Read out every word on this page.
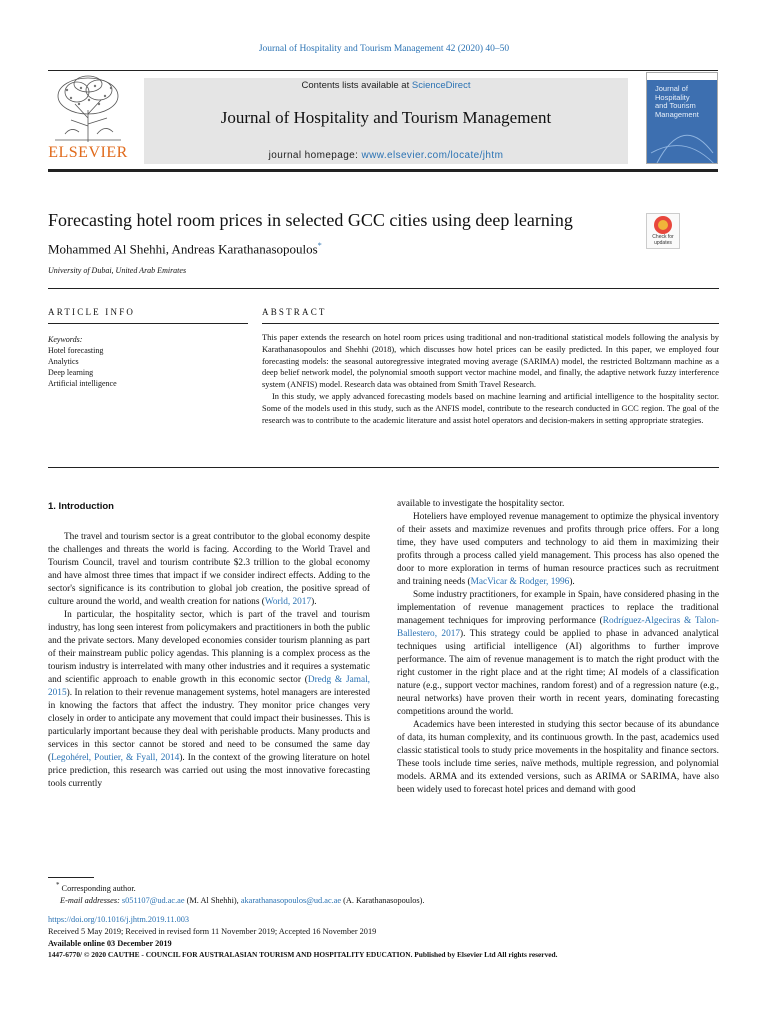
Journal of Hospitality and Tourism Management 42 (2020) 40–50
ELSEVIER
Contents lists available at ScienceDirect
Journal of Hospitality and Tourism Management
journal homepage: www.elsevier.com/locate/jhtm
Journal of
Hospitality
and Tourism
Management
Forecasting hotel room prices in selected GCC cities using deep learning
Mohammed Al Shehhi, Andreas Karathanasopoulos*
University of Dubai, United Arab Emirates
Check for updates
ARTICLE INFO	ABSTRACT
Keywords:
Hotel forecasting
Analytics
Deep learning
Artificial intelligence

This paper extends the research on hotel room prices using traditional and non-traditional statistical models following the analysis by Karathanasopoulos and Shehhi (2018), which discusses how hotel prices can be easily predicted. In this paper, we employed four forecasting models: the seasonal autoregressive integrated moving average (SARIMA) model, the restricted Boltzmann machine as a deep belief network model, the polynomial smooth support vector machine model, and finally, the adaptive network fuzzy interference system (ANFIS) model. Research data was obtained from Smith Travel Research.

In this study, we apply advanced forecasting models based on machine learning and artificial intelligence to the hospitality sector. Some of the models used in this study, such as the ANFIS model, contribute to the research conducted in GCC region. The goal of the research was to contribute to the academic literature and assist hotel operators and decision-makers in setting appropriate strategies.

1. Introduction

The travel and tourism sector is a great contributor to the global economy despite the challenges and threats the world is facing. According to the World Travel and Tourism Council, travel and tourism contribute $2.3 trillion to the global economy and have almost three times that impact if we consider indirect effects. Adding to the sector's significance is its contribution to global job creation, the positive spread of culture around the world, and wealth creation for nations (World, 2017).

In particular, the hospitality sector, which is part of the travel and tourism industry, has long seen interest from policymakers and practitioners in both the public and the private sectors. Many developed economies consider tourism planning as part of their mainstream public policy agendas. This planning is a complex process as the tourism industry is interrelated with many other industries and it requires a systematic and scientific approach to enable growth in this economic sector (Dredg & Jamal, 2015). In relation to their revenue management systems, hotel managers are interested in knowing the factors that affect the industry. They monitor price changes very closely in order to anticipate any movement that could impact their businesses. This is particularly important because they deal with perishable products. Many products and services in this sector cannot be stored and need to be consumed the same day (Legohérel, Poutier, & Fyall, 2014). In the context of the growing literature on hotel price prediction, this research was carried out using the most innovative forecasting tools currently

available to investigate the hospitality sector.

Hoteliers have employed revenue management to optimize the physical inventory of their assets and maximize revenues and profits through price offers. For a long time, they have used computers and technology to aid them in maximizing their profits through a process called yield management. This process has also opened the door to more exploration in terms of human resource practices such as recruitment and training needs (MacVicar & Rodger, 1996).

Some industry practitioners, for example in Spain, have considered phasing in the implementation of revenue management practices to replace the traditional management techniques for improving performance (Rodríguez-Algeciras & Talon-Ballestero, 2017). This strategy could be applied to phase in advanced analytical techniques using artificial intelligence (AI) algorithms to further improve performance. The aim of revenue management is to match the right product with the right customer in the right place and at the right time; AI models of a classification nature (e.g., support vector machines, random forest) and of a regression nature (e.g., neural networks) have proven their worth in recent years, dominating forecasting competitions around the world.

Academics have been interested in studying this sector because of its abundance of data, its human complexity, and its continuous growth. In the past, academics used classic statistical tools to study price movements in the hospitality and finance sectors. These tools include time series, naïve methods, multiple regression, and polynomial models. ARMA and its extended versions, such as ARIMA or SARIMA, have also been widely used to forecast hotel prices and demand with good

* Corresponding author.
E-mail addresses: s051107@ud.ac.ae (M. Al Shehhi), akarathanasopoulos@ud.ac.ae (A. Karathanasopoulos).
https://doi.org/10.1016/j.jhtm.2019.11.003
Received 5 May 2019; Received in revised form 11 November 2019; Accepted 16 November 2019
Available online 03 December 2019
1447-6770/ © 2020 CAUTHE - COUNCIL FOR AUSTRALASIAN TOURISM AND HOSPITALITY EDUCATION. Published by Elsevier Ltd All rights reserved.
